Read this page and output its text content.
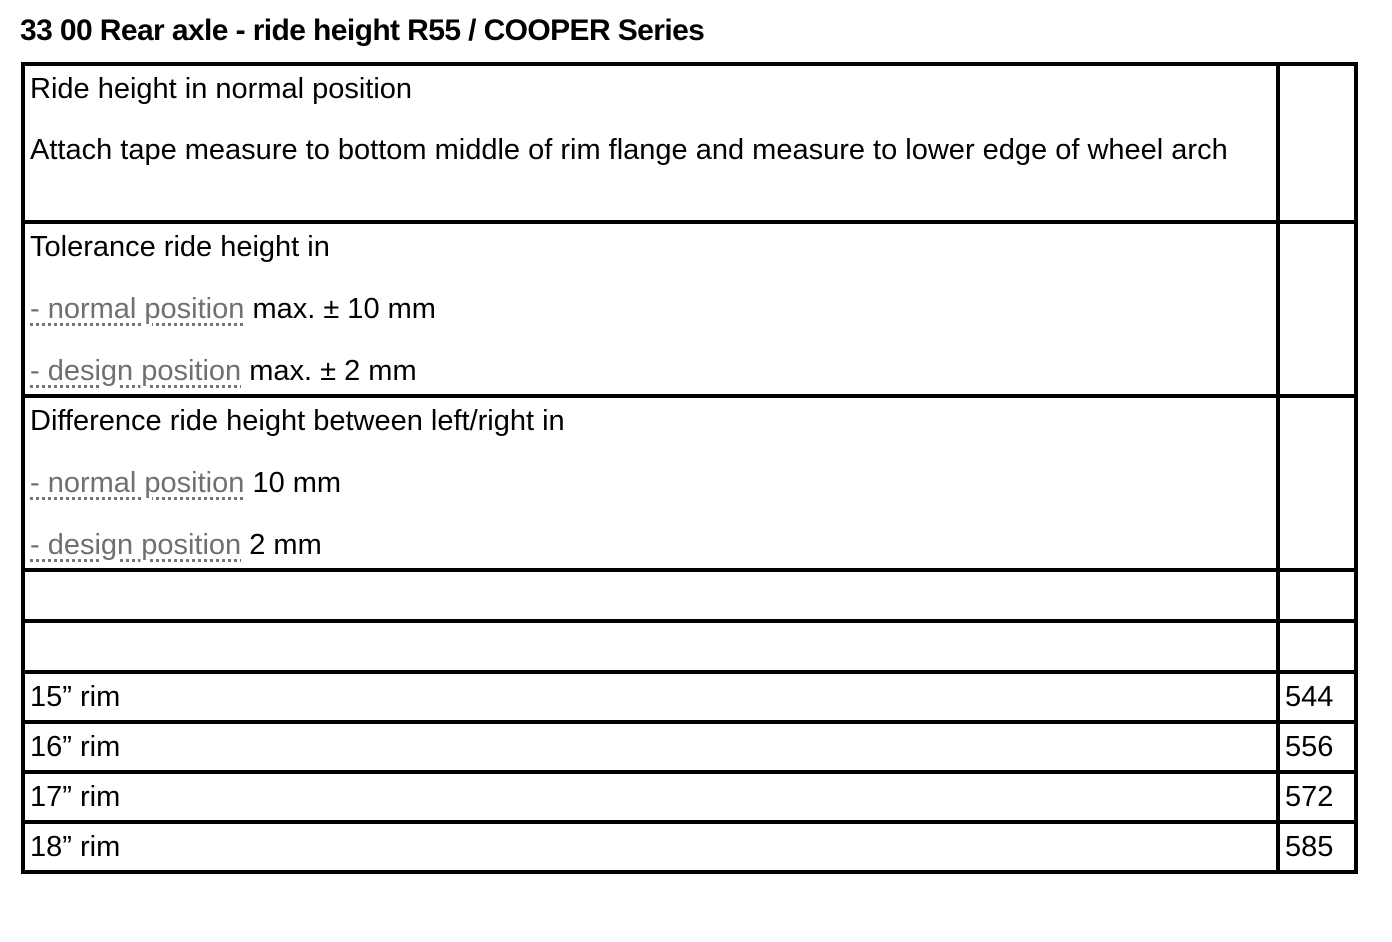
33 00 Rear axle - ride height R55 / COOPER Series
Ride height in normal position
Attach tape measure to bottom middle of rim flange and measure to lower edge of wheel arch	

Tolerance ride height in
- normal position max. ± 10 mm
- design position max. ± 2 mm	

Difference ride height between left/right in
- normal position 10 mm
- design position 2 mm	

15” rim	544
16” rim	556
17” rim	572
18” rim	585
